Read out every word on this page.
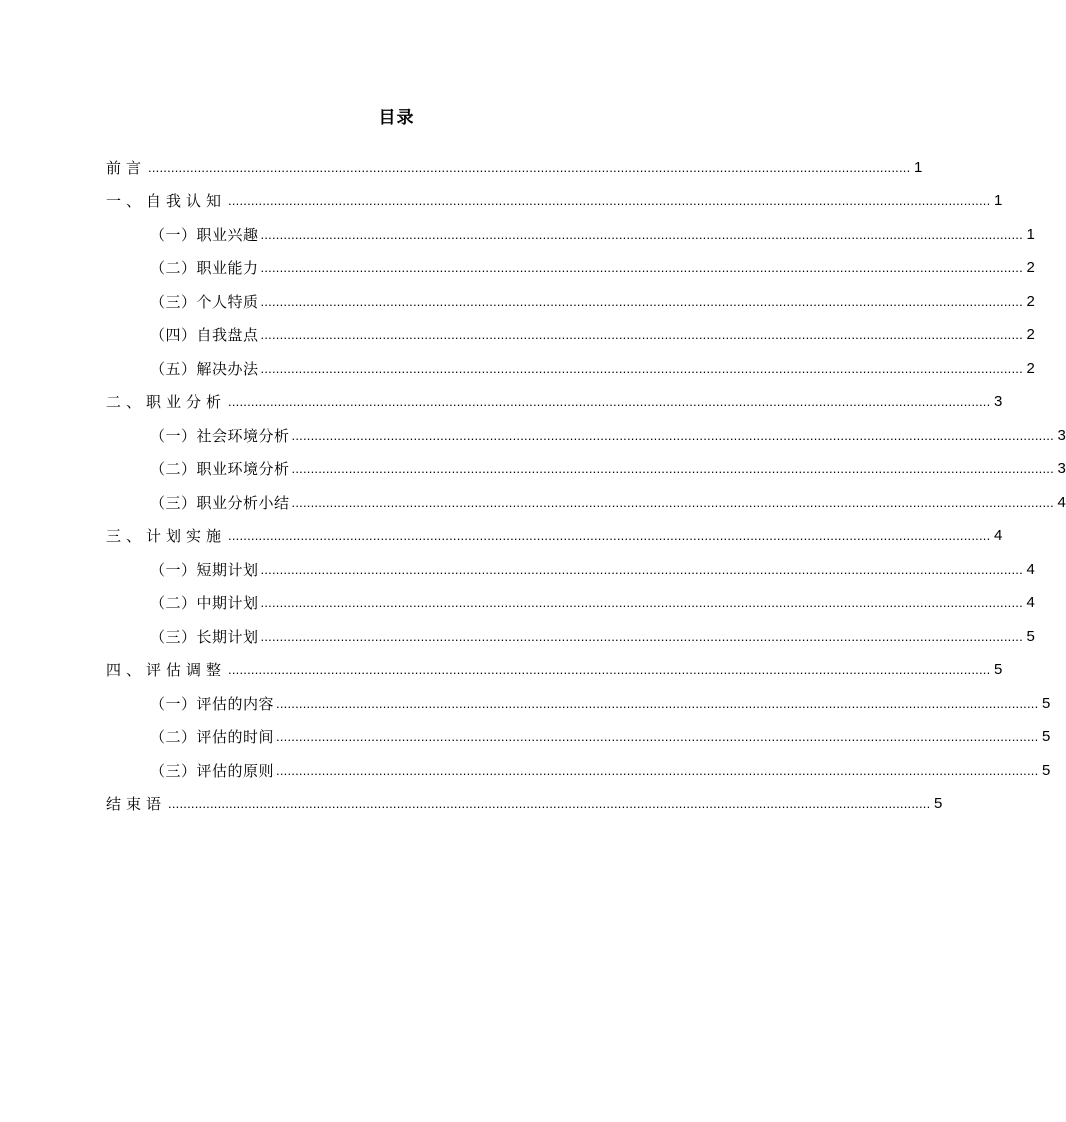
目录
前言 ........................................................................................................................................................................................................ 1
一、自我认知 ........................................................................................................................................................................................................ 1
（一）职业兴趣 ........................................................................................................................................................................................................ 1
（二）职业能力 ........................................................................................................................................................................................................ 2
（三）个人特质 ........................................................................................................................................................................................................ 2
（四）自我盘点 ........................................................................................................................................................................................................ 2
（五）解决办法 ........................................................................................................................................................................................................ 2
二、职业分析 ........................................................................................................................................................................................................ 3
（一）社会环境分析 ........................................................................................................................................................................................................ 3
（二）职业环境分析 ........................................................................................................................................................................................................ 3
（三）职业分析小结 ........................................................................................................................................................................................................ 4
三、计划实施 ........................................................................................................................................................................................................ 4
（一）短期计划 ........................................................................................................................................................................................................ 4
（二）中期计划 ........................................................................................................................................................................................................ 4
（三）长期计划 ........................................................................................................................................................................................................ 5
四、评估调整 ........................................................................................................................................................................................................ 5
（一）评估的内容 ........................................................................................................................................................................................................ 5
（二）评估的时间 ........................................................................................................................................................................................................ 5
（三）评估的原则 ........................................................................................................................................................................................................ 5
结束语 ........................................................................................................................................................................................................ 5
